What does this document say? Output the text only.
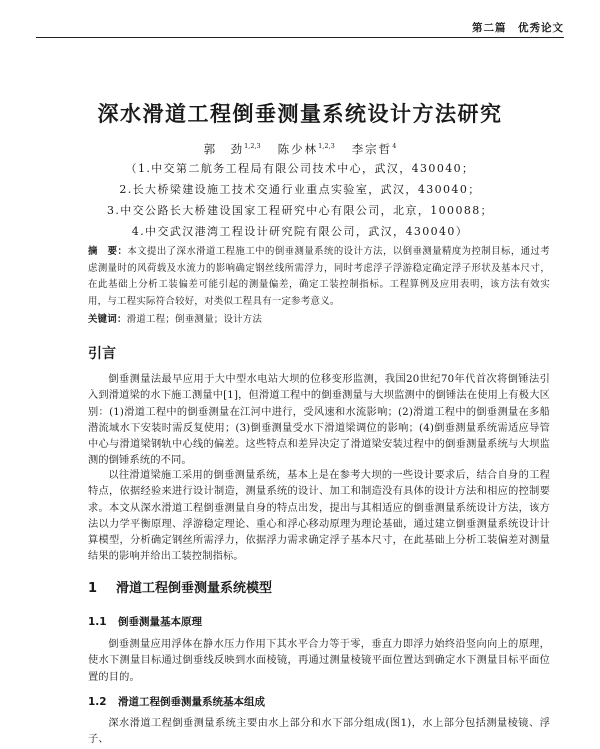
第二篇　优秀论文
深水滑道工程倒垂测量系统设计方法研究
郭　劲$^{1,2,3}$ 陈少林$^{1,2,3}$ 李宗哲$^4$
（1.中交第二航务工程局有限公司技术中心，武汉，430040；
2.长大桥梁建设施工技术交通行业重点实验室，武汉，430040；
3.中交公路长大桥建设国家工程研究中心有限公司，北京，100088；
4.中交武汉港湾工程设计研究院有限公司，武汉，430040）

摘　要：本文提出了深水滑道工程施工中的倒垂测量系统的设计方法，以倒垂测量精度为控制目标，通过考虑测量时的风荷载及水流力的影响确定钢丝线所需浮力，同时考虑浮子浮游稳定确定浮子形状及基本尺寸，在此基础上分析工装偏差可能引起的测量偏差，确定工装控制指标。工程算例及应用表明，该方法有效实用，与工程实际符合较好，对类似工程具有一定参考意义。

关键词：滑道工程；倒垂测量；设计方法
引言

倒垂测量法最早应用于大中型水电站大坝的位移变形监测，我国20世纪70年代首次将倒锤法引入到滑道梁的水下施工测量中[1]，但滑道工程中的倒垂测量与大坝监测中的倒锤法在使用上有极大区别：(1)滑道工程中的倒垂测量在江河中进行，受风速和水流影响；(2)滑道工程中的倒垂测量在多船潜流域水下安装时需反复使用；(3)倒垂测量受水下滑道梁调位的影响；(4)倒垂测量系统需适应导管中心与滑道梁钢轨中心线的偏差。这些特点和差异决定了滑道梁安装过程中的倒垂测量系统与大坝监测的倒锤系统的不同。

以往滑道梁施工采用的倒垂测量系统，基本上是在参考大坝的一些设计要求后，结合自身的工程特点，依据经验来进行设计制造，测量系统的设计、加工和制造没有具体的设计方法和相应的控制要求。本文从深水滑道工程倒垂测量自身的特点出发，提出与其相适应的倒垂测量系统设计方法，该方法以力学平衡原理、浮游稳定理论、重心和浮心移动原理为理论基础，通过建立倒垂测量系统设计计算模型，分析确定钢丝所需浮力，依据浮力需求确定浮子基本尺寸，在此基础上分析工装偏差对测量结果的影响并给出工装控制指标。

1 滑道工程倒垂测量系统模型
1.1 倒垂测量基本原理

倒垂测量应用浮体在静水压力作用下其水平合力等于零，垂直力即浮力始终沿竖向向上的原理，使水下测量目标通过倒垂线反映到水面棱镜，再通过测量棱镜平面位置达到确定水下测量目标平面位置的目的。

1.2 滑道工程倒垂测量系统基本组成

深水滑道工程倒垂测量系统主要由水上部分和水下部分组成(图1)，水上部分包括测量棱镜、浮子、
